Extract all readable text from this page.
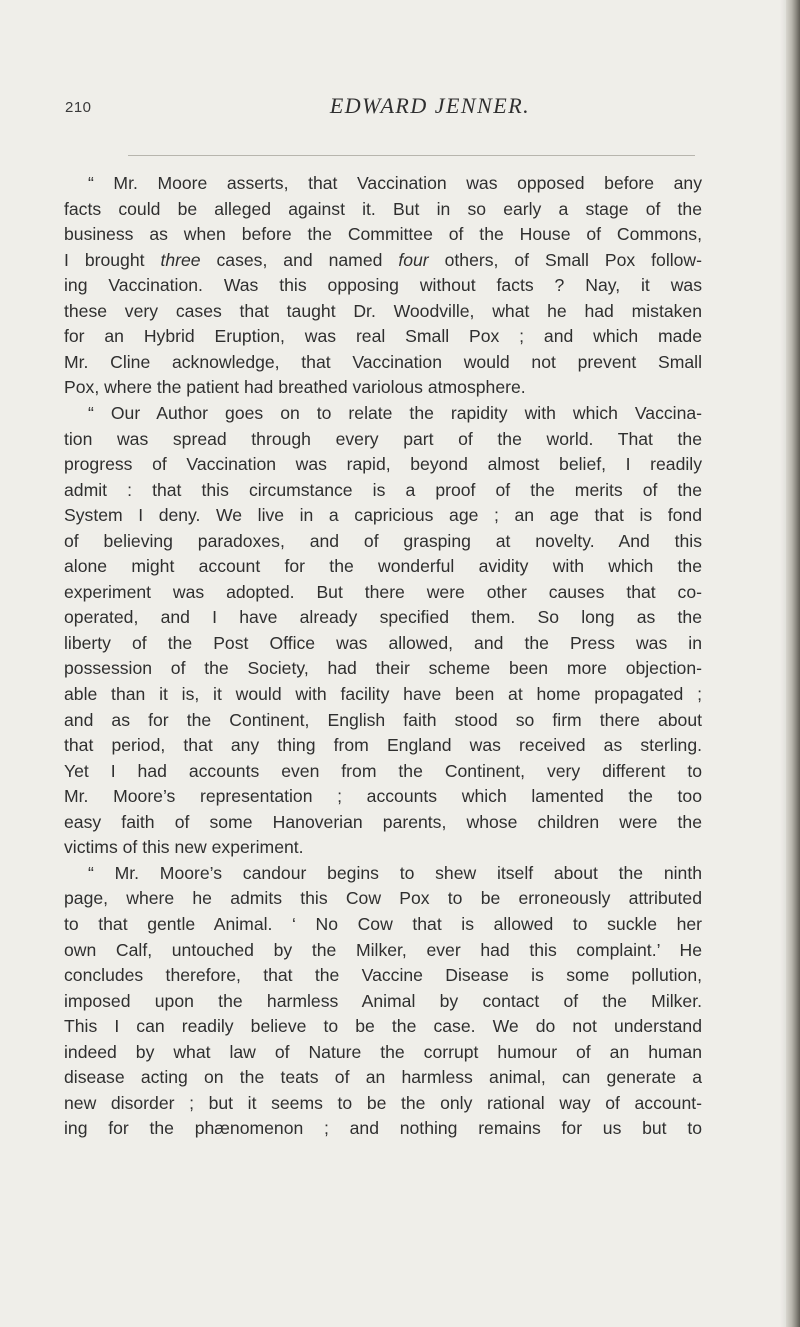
210	EDWARD JENNER.
“ Mr. Moore asserts, that Vaccination was opposed before any
facts could be alleged against it. But in so early a stage of the
business as when before the Committee of the House of Commons,
I brought three cases, and named four others, of Small Pox follow-
ing Vaccination. Was this opposing without facts ? Nay, it was
these very cases that taught Dr. Woodville, what he had mistaken
for an Hybrid Eruption, was real Small Pox ; and which made
Mr. Cline acknowledge, that Vaccination would not prevent Small
Pox, where the patient had breathed variolous atmosphere.
“ Our Author goes on to relate the rapidity with which Vaccina-
tion was spread through every part of the world. That the
progress of Vaccination was rapid, beyond almost belief, I readily
admit : that this circumstance is a proof of the merits of the
System I deny. We live in a capricious age ; an age that is fond
of believing paradoxes, and of grasping at novelty. And this
alone might account for the wonderful avidity with which the
experiment was adopted. But there were other causes that co-
operated, and I have already specified them. So long as the
liberty of the Post Office was allowed, and the Press was in
possession of the Society, had their scheme been more objection-
able than it is, it would with facility have been at home propagated ;
and as for the Continent, English faith stood so firm there about
that period, that any thing from England was received as sterling.
Yet I had accounts even from the Continent, very different to
Mr. Moore’s representation ; accounts which lamented the too
easy faith of some Hanoverian parents, whose children were the
victims of this new experiment.
“ Mr. Moore’s candour begins to shew itself about the ninth
page, where he admits this Cow Pox to be erroneously attributed
to that gentle Animal. ‘ No Cow that is allowed to suckle her
own Calf, untouched by the Milker, ever had this complaint.’ He
concludes therefore, that the Vaccine Disease is some pollution,
imposed upon the harmless Animal by contact of the Milker.
This I can readily believe to be the case. We do not understand
indeed by what law of Nature the corrupt humour of an human
disease acting on the teats of an harmless animal, can generate a
new disorder ; but it seems to be the only rational way of account-
ing for the phænomenon ; and nothing remains for us but to
